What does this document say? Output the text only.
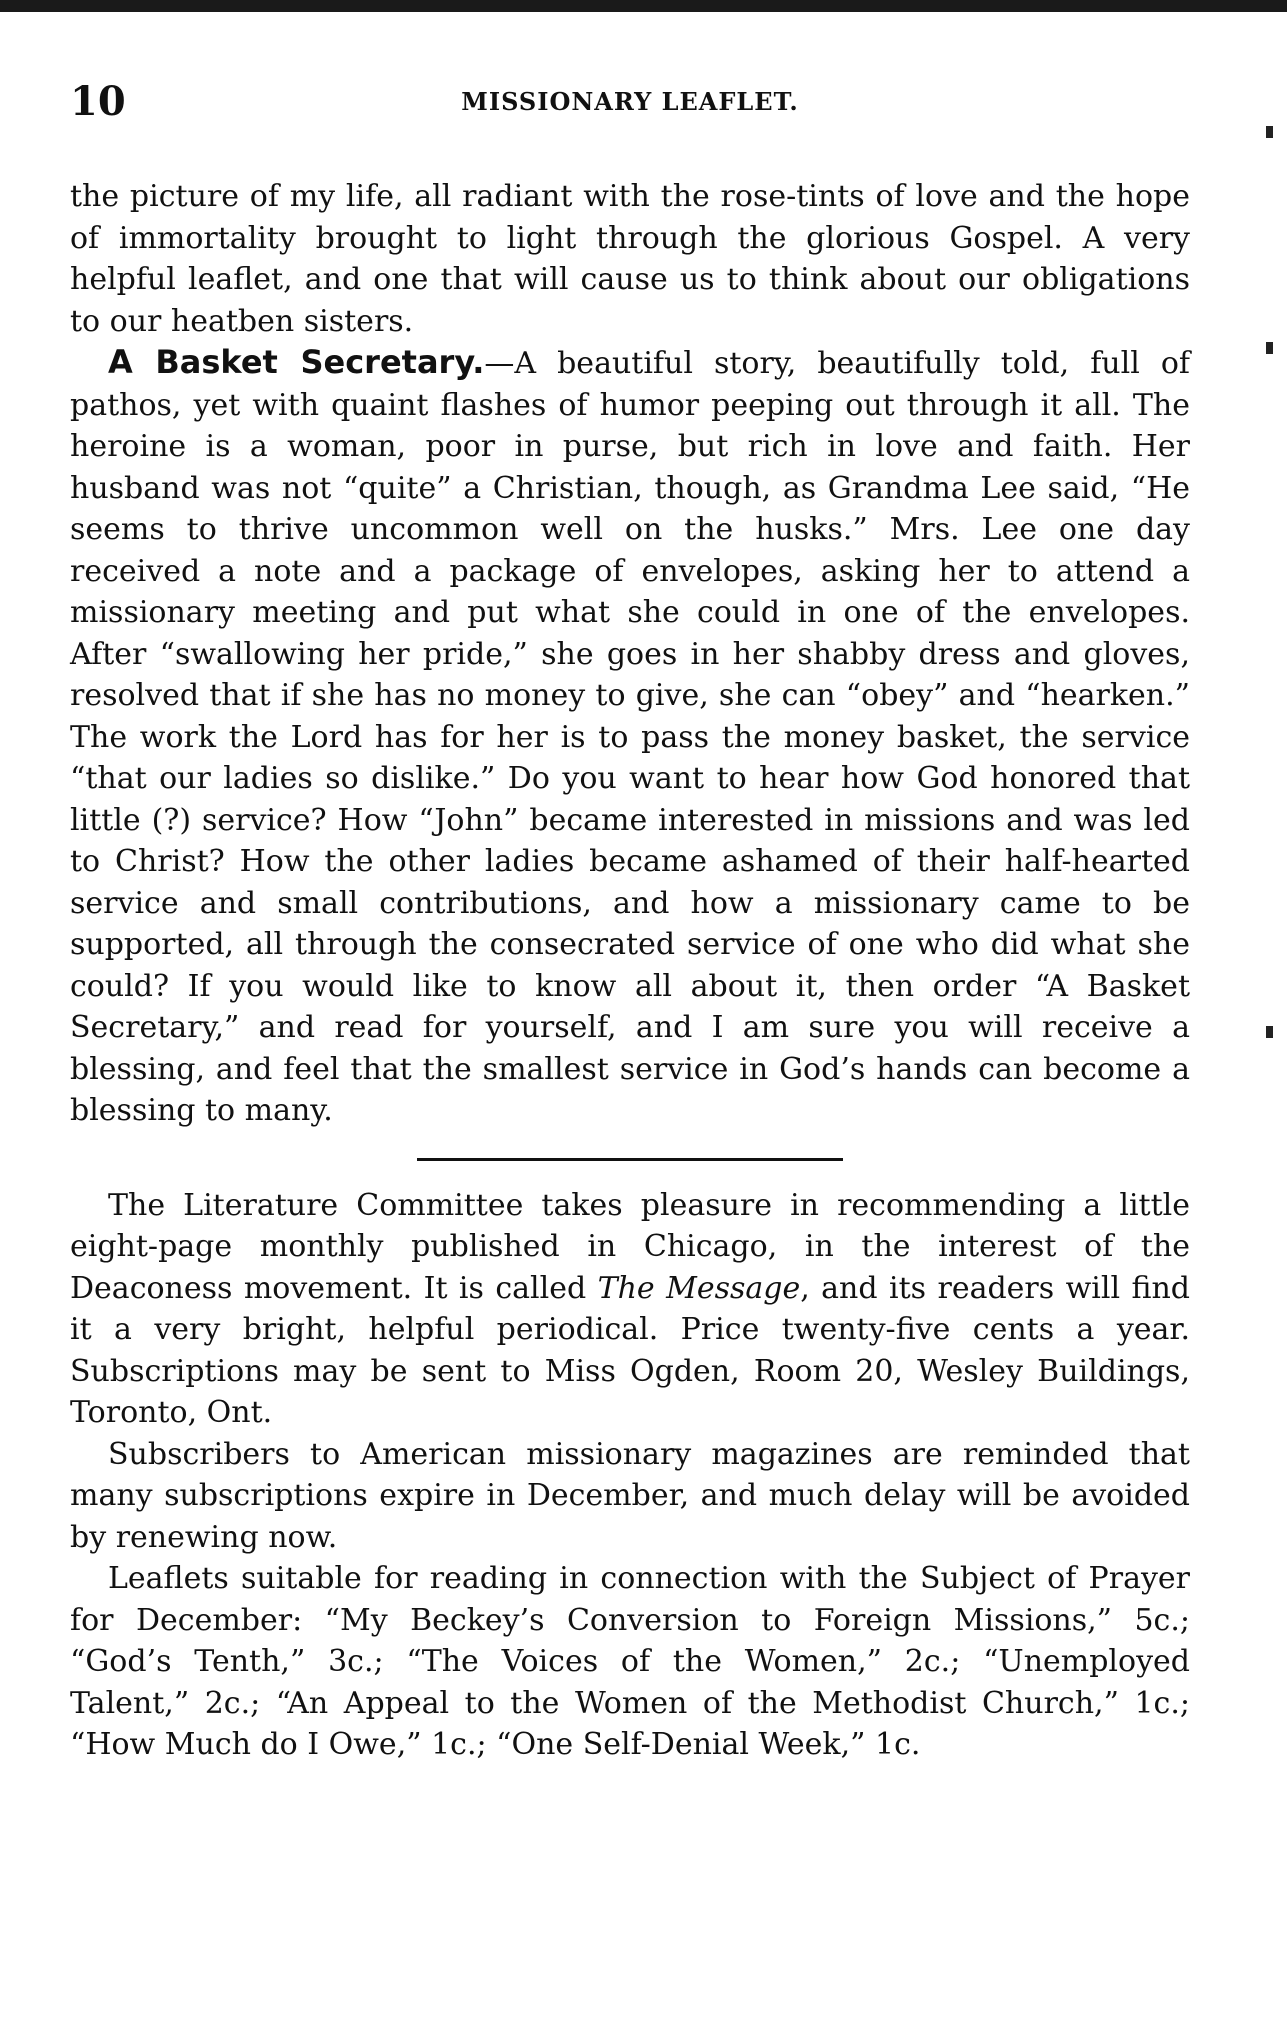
10	MISSIONARY LEAFLET.

the picture of my life, all radiant with the rose-tints of love and the hope of immortality brought to light through the glorious Gospel. A very helpful leaflet, and one that will cause us to think about our obligations to our heatben sisters.

A Basket Secretary.—A beautiful story, beautifully told, full of pathos, yet with quaint flashes of humor peeping out through it all. The heroine is a woman, poor in purse, but rich in love and faith. Her husband was not “quite” a Christian, though, as Grandma Lee said, “He seems to thrive uncommon well on the husks.” Mrs. Lee one day received a note and a package of envelopes, asking her to attend a missionary meeting and put what she could in one of the envelopes. After “swallowing her pride,” she goes in her shabby dress and gloves, resolved that if she has no money to give, she can “obey” and “hearken.” The work the Lord has for her is to pass the money basket, the service “that our ladies so dislike.” Do you want to hear how God honored that little (?) service? How “John” became interested in missions and was led to Christ? How the other ladies became ashamed of their half-hearted service and small contributions, and how a missionary came to be supported, all through the consecrated service of one who did what she could? If you would like to know all about it, then order “A Basket Secretary,” and read for yourself, and I am sure you will receive a blessing, and feel that the smallest service in God’s hands can become a blessing to many.

The Literature Committee takes pleasure in recommending a little eight-page monthly published in Chicago, in the interest of the Deaconess movement. It is called The Message, and its readers will find it a very bright, helpful periodical. Price twenty-five cents a year. Subscriptions may be sent to Miss Ogden, Room 20, Wesley Buildings, Toronto, Ont.

Subscribers to American missionary magazines are reminded that many subscriptions expire in December, and much delay will be avoided by renewing now.

Leaflets suitable for reading in connection with the Subject of Prayer for December: “My Beckey’s Conversion to Foreign Missions,” 5c.; “God’s Tenth,” 3c.; “The Voices of the Women,” 2c.; “Unemployed Talent,” 2c.; “An Appeal to the Women of the Methodist Church,” 1c.; “How Much do I Owe,” 1c.; “One Self-Denial Week,” 1c.
